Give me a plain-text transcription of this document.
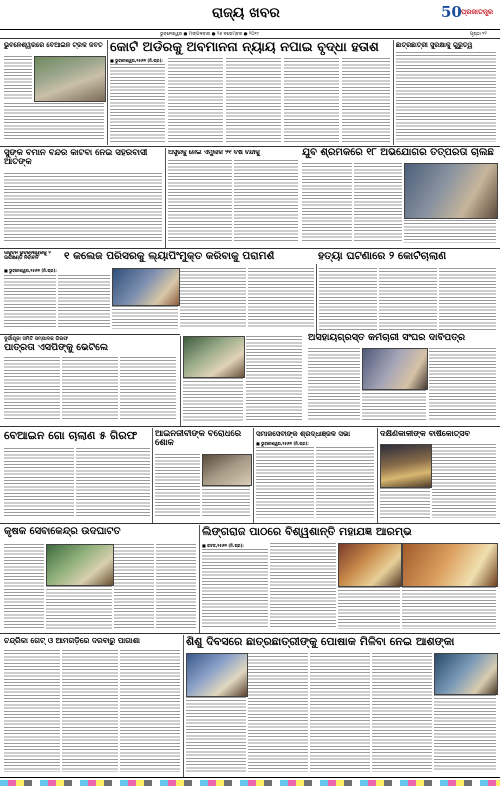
ରାଜ୍ୟ ଖବର	50 ପ୍ରଜାତନ୍ତ୍ର
ଭୁବନେଶ୍ୱର ● ମଙ୍ଗଳବାର ● ୨୬ ନଭେମ୍ବର ● ୨୦୧୯	ପୃଷ୍ଠା ୧୨
ଭୁବନେଶ୍ୱରରେ ବେଆଇନ ଟ୍ରକ ଜବତ କୋର୍ଟ ଅର୍ଡରକୁ ଅବମାନନା ନ୍ୟାୟ ନପାଇ ବୃଦ୍ଧା ହତାଶ
■ ଭୁବନେଶ୍ୱର,୨୫ା୧୧ (ନି.ପ୍ର):
ଛାତ୍ରଛାତ୍ରୀ ସୁରକ୍ଷାକୁ ଗୁରୁତ୍ୱ
ସୁଙ୍କ ବିମାନ ବନ୍ଦର କାଟିବା ନେଇ ସହରବାସୀ ଆତଙ୍କ
ଅସ୍ତ୍ରକୁ ନେଇ ଏମ୍ପ୍ଲକ ୨୧ ବର୍ଷ ବନ୍ଦୀକୁ	ଯୁବ ଶ୍ରମିକରେ ୧୮ ଅଭିଯୋଗର ତତ୍ପରତା ଚାଲିଛି
ଉଜୁବିନ ଭୁବନେଶ୍ୱରକୁ ୨ ଉପଖଣ୍ଡ ନିର୍ବାଚନ	୧ କଲେଜ ପରିସରକୁ ଲ୍ୟାପିଂମୁକ୍ତ କରିବାକୁ ପରାମର୍ଶ	ହତ୍ୟା ଘଟଣାରେ ୨ କୋର୍ଟଚାଲାଣ
■ ଭୁବନେଶ୍ୱର,୨୫ା୧୧ (ନି.ପ୍ର):
ଦୁର୍ଗାପୂଜା ସମିତି ସମ୍ପାଦକ ଗିରଫ
ପାତ୍ରତା ଏସପିଙ୍କୁ ଭେଟିଲେ
ଅସହାୟଗ୍ରସ୍ତ କର୍ମଚାରୀ ସଂଘର ଦାବିପତ୍ର
ବେଆଇନ ଗୋ ଚାଲାଣ ୫ ଗିରଫ	ଆଇନଜୀବୀଙ୍କ ବିରୋଧରେ ଶୋକ
ସମାଜସେବୀଙ୍କ ଶ୍ରଦ୍ଧାଞ୍ଜଳି ସଭା
■ ଭୁବନେଶ୍ୱର,୨୫ା୧୧ (ନି.ପ୍ର):
ଦକ୍ଷିଣକାଳୀଙ୍କ ବାର୍ଷିକୋତ୍ସବ
କୃଷକ ସେବାକେନ୍ଦ୍ର ଉଦଘାଟିତ	ଲିଙ୍ଗରାଜ ପାଠରେ ବିଶ୍ୱଶାନ୍ତି ମହାଯଜ୍ଞ ଆରମ୍ଭ
■ କଟକ,୨୫ା୧୧ (ନି.ପ୍ର):
ଚନ୍ଦ୍ରିକା ଗେଟ୍ ଓ ଆମଗଡ଼ିରେ ଦରବାରୁ ପାଗାଶା	ଶିଶୁ ଦିବସରେ ଛାତ୍ରଛାତ୍ରୀଙ୍କୁ ପୋଷାକ ମିଳିବା ନେଇ ଆଶଙ୍କା
